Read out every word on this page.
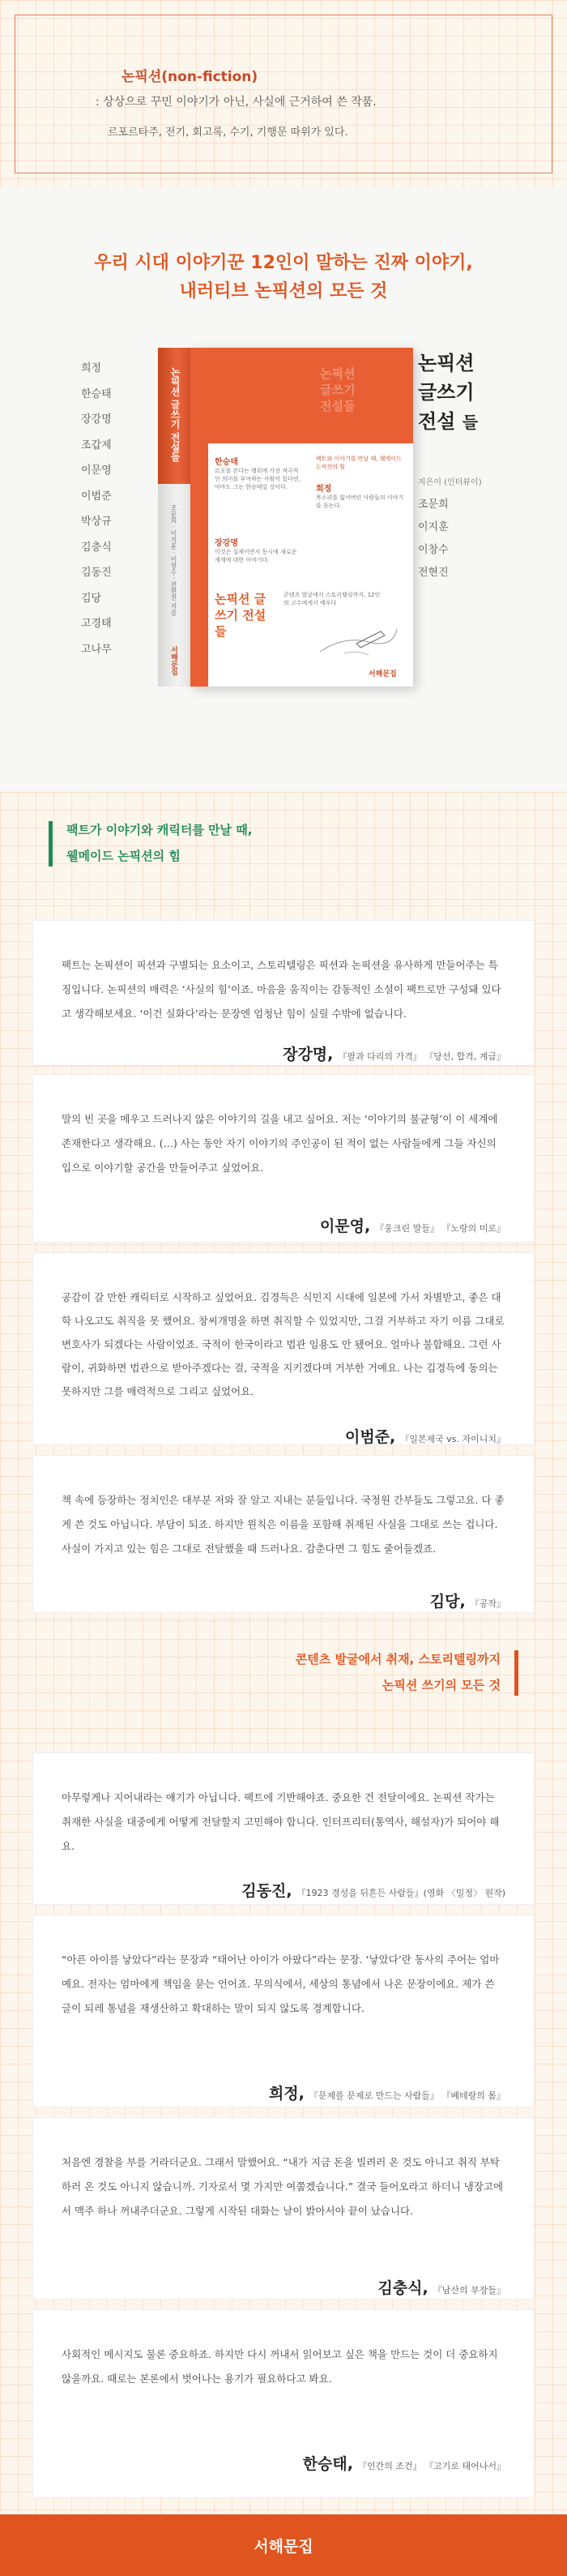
논픽션(non-fiction)
: 상상으로 꾸민 이야기가 아닌, 사실에 근거하여 쓴 작품.
르포르타주, 전기, 회고록, 수기, 기행문 따위가 있다.
우리 시대 이야기꾼 12인이 말하는 진짜 이야기,
내러티브 논픽션의 모든 것
희정
한승태
장강명
조갑제
이문영
이범준
박상규
김충식
김동진
김당
고경태
고나무
논픽션 글쓰기 전설들
조문희 · 이지훈 · 이창수 · 전현진 지음
서해문집
논픽션
글쓰기
전설들
한승태
르포를 쓴다는 행위에 가장 적극적인 의미를 부여하는 사람이 있다면, 아마도 그는 한승태일 것이다.
장강명
이것은 실제이면서 동시에 새로운 세계에 대한 이야기다.
팩트와 이야기를 만날 때, 웰메이드 논픽션의 힘
희정
목소리를 잃어버린 사람들의 이야기를 듣는다.
논픽션 글쓰기 전설 들
콘텐츠 발굴에서 스토리텔링까지, 12인의 고수에게서 배우다
서해문집
논픽션
글쓰기
전설 들
지은이 (인터뷰이)
조문희
이지훈
이창수
전현진
팩트가 이야기와 캐릭터를 만날 때,
웰메이드 논픽션의 힘
팩트는 논픽션이 픽션과 구별되는 요소이고, 스토리텔링은 픽션과 논픽션을 유사하게 만들어주는 특징입니다. 논픽션의 매력은 ‘사실의 힘’이죠. 마음을 움직이는 감동적인 소설이 팩트로만 구성돼 있다고 생각해보세요. ‘이건 실화다’라는 문장엔 엄청난 힘이 실릴 수밖에 없습니다.
장강명, 『팔과 다리의 가격』 『당선, 합격, 계급』
말의 빈 곳을 메우고 드러나지 않은 이야기의 길을 내고 싶어요. 저는 ‘이야기의 불균형’이 이 세계에 존재한다고 생각해요. (…) 사는 동안 자기 이야기의 주인공이 된 적이 없는 사람들에게 그들 자신의 입으로 이야기할 공간을 만들어주고 싶었어요.
이문영, 『웅크린 말들』 『노랑의 미로』
공감이 갈 만한 캐릭터로 시작하고 싶었어요. 김경득은 식민지 시대에 일본에 가서 차별받고, 좋은 대학 나오고도 취직을 못 했어요. 창씨개명을 하면 취직할 수 있었지만, 그걸 거부하고 자기 이름 그대로 변호사가 되겠다는 사람이었죠. 국적이 한국이라고 법관 임용도 안 됐어요. 얼마나 불합해요. 그런 사람이, 귀화하면 법관으로 받아주겠다는 걸, 국적을 지키겠다며 거부한 거예요. 나는 김경득에 동의는 못하지만 그를 매력적으로 그리고 싶었어요.
이범준, 『일본제국 vs. 자이니치』
책 속에 등장하는 정치인은 대부분 저와 잘 알고 지내는 분들입니다. 국정원 간부들도 그렇고요. 다 좋게 쓴 것도 아닙니다. 부담이 되죠. 하지만 원칙은 이름을 포함해 취재된 사실을 그대로 쓰는 겁니다. 사실이 가지고 있는 힘은 그대로 전달했을 때 드러나요. 감춘다면 그 힘도 줄어들겠죠.
김당, 『공작』
콘텐츠 발굴에서 취재, 스토리텔링까지
논픽션 쓰기의 모든 것
아무렇게나 지어내라는 얘기가 아닙니다. 팩트에 기반해야죠. 중요한 건 전달이에요. 논픽션 작가는 취재한 사실을 대중에게 어떻게 전달할지 고민해야 합니다. 인터프리터(통역사, 해설자)가 되어야 해요.
김동진, 『1923 경성을 뒤흔든 사람들』(영화 〈밀정〉 원작)
“아픈 아이를 낳았다”라는 문장과 “태어난 아이가 아팠다”라는 문장. ‘낳았다’란 동사의 주어는 엄마예요. 전자는 엄마에게 책임을 묻는 언어죠. 무의식에서, 세상의 통념에서 나온 문장이에요. 제가 쓴 글이 되레 통념을 재생산하고 확대하는 말이 되지 않도록 경계합니다.
희정, 『문제를 문제로 만드는 사람들』 『베테랑의 몸』
처음엔 경찰을 부를 거라더군요. 그래서 말했어요. “내가 지금 돈을 빌려러 온 것도 아니고 취직 부탁하러 온 것도 아니지 않습니까. 기자로서 몇 가지만 여쭙겠습니다.” 결국 들어오라고 하더니 냉장고에서 맥주 하나 꺼내주더군요. 그렇게 시작된 대화는 날이 밝아서야 끝이 났습니다.
김충식, 『남산의 부장들』
사회적인 메시지도 물론 중요하죠. 하지만 다시 꺼내서 읽어보고 싶은 책을 만드는 것이 더 중요하지 않을까요. 때로는 본론에서 벗어나는 용기가 필요하다고 봐요.
한승태, 『인간의 조건』 『고기로 태어나서』
서해문집
